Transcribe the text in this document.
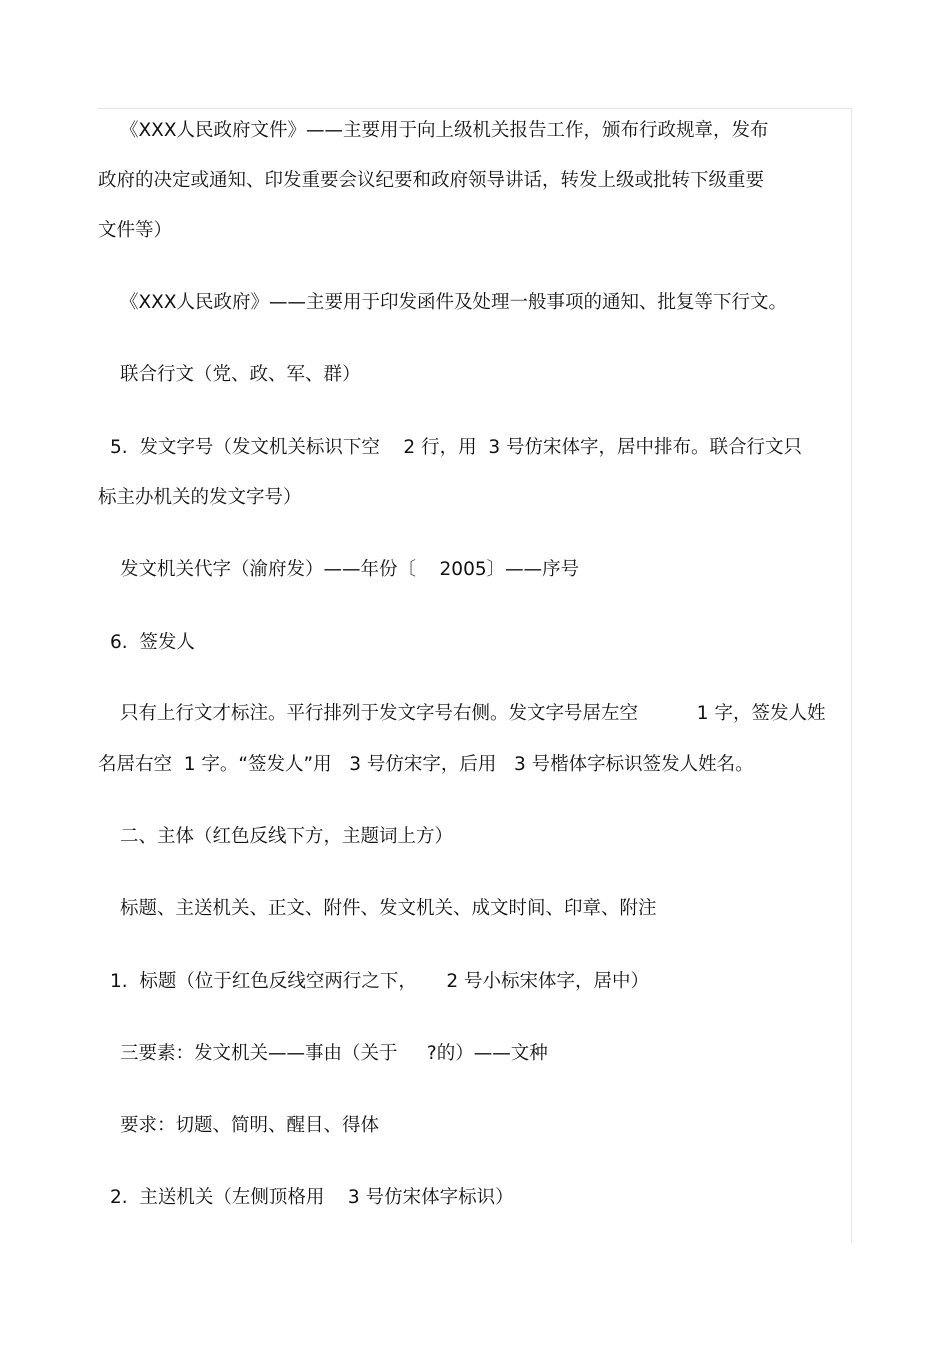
《XXX人民政府文件》——主要用于向上级机关报告工作，颁布行政规章，发布
政府的决定或通知、印发重要会议纪要和政府领导讲话，转发上级或批转下级重要
文件等）
《XXX人民政府》——主要用于印发函件及处理一般事项的通知、批复等下行文。
联合行文（党、政、军、群）
5.  发文字号（发文机关标识下空    2 行，用  3 号仿宋体字，居中排布。联合行文只
标主办机关的发文字号）
发文机关代字（渝府发）——年份〔    2005〕——序号
6.  签发人
只有上行文才标注。平行排列于发文字号右侧。发文字号居左空          1 字，签发人姓
名居右空  1 字。“签发人”用   3 号仿宋字，后用   3 号楷体字标识签发人姓名。
二、主体（红色反线下方，主题词上方）
标题、主送机关、正文、附件、发文机关、成文时间、印章、附注
1.  标题（位于红色反线空两行之下，     2 号小标宋体字，居中）
三要素：发文机关——事由（关于     ?的）——文种
要求：切题、简明、醒目、得体
2.  主送机关（左侧顶格用    3 号仿宋体字标识）
